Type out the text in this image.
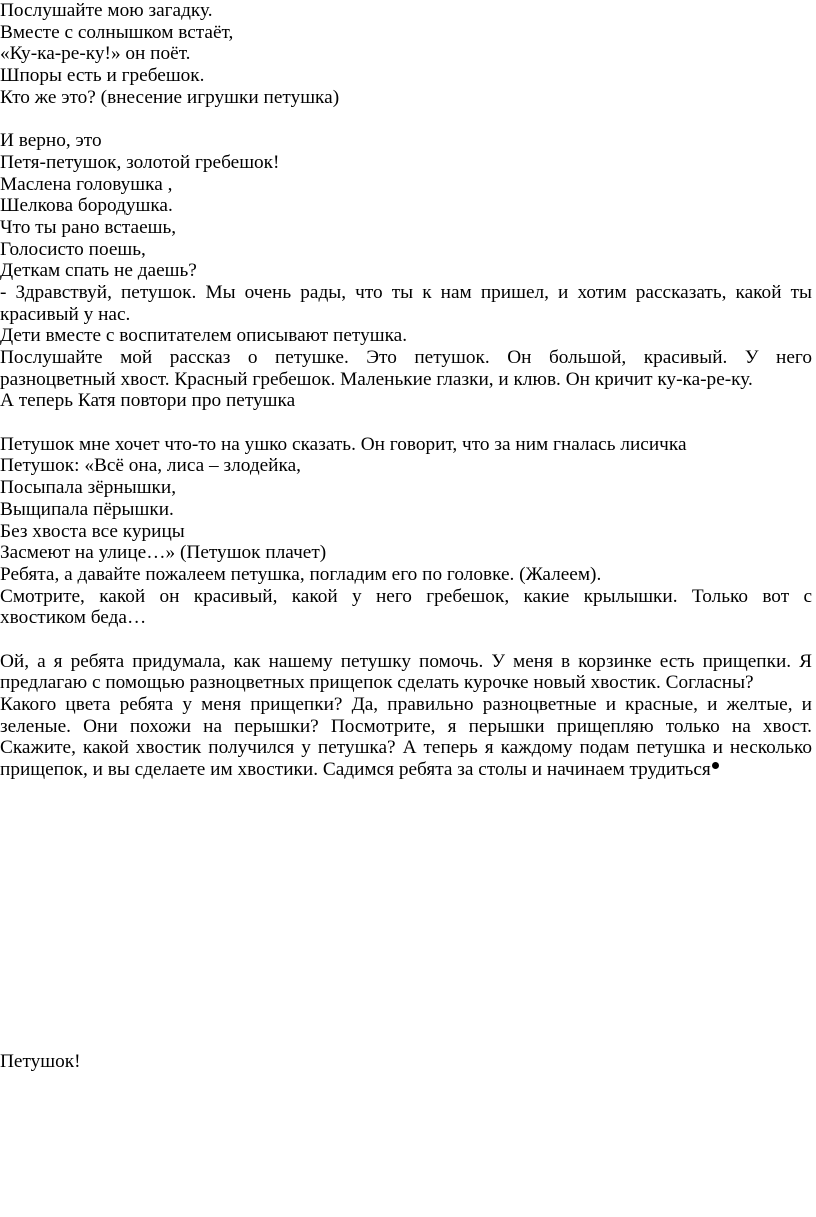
Послушайте мою загадку.
Вместе с солнышком встаёт,
«Ку-ка-ре-ку!» он поёт.
Шпоры есть и гребешок.
Кто же это? (внесение игрушки петушка)
И верно, это
Петя-петушок, золотой гребешок!
Маслена головушка ,
Шелкова бородушка.
Что ты рано встаешь,
Голосисто поешь,
Деткам спать не даешь?
- Здравствуй, петушок. Мы очень рады, что ты к нам пришел, и хотим рассказать, какой ты
красивый у нас.
Дети вместе с воспитателем описывают петушка.
Послушайте мой рассказ о петушке. Это петушок. Он большой, красивый. У него
разноцветный хвост. Красный гребешок. Маленькие глазки, и клюв. Он кричит ку-ка-ре-ку.
А теперь Катя повтори про петушка
Петушок мне хочет что-то на ушко сказать. Он говорит, что за ним гналась лисичка
Петушок: «Всё она, лиса – злодейка,
Посыпала зёрнышки,
Выщипала пёрышки.
Без хвоста все курицы
Засмеют на улице…» (Петушок плачет)
Ребята, а давайте пожалеем петушка, погладим его по головке. (Жалеем).
Смотрите, какой он красивый, какой у него гребешок, какие крылышки. Только вот с
хвостиком беда…
Ой, а я ребята придумала, как нашему петушку помочь. У меня в корзинке есть прищепки. Я
предлагаю с помощью разноцветных прищепок сделать курочке новый хвостик. Согласны?
Какого цвета ребята у меня прищепки? Да, правильно разноцветные и красные, и желтые, и
зеленые. Они похожи на перышки? Посмотрите, я перышки прищепляю только на хвост.
Скажите, какой хвостик получился у петушка? А теперь я каждому подам петушка и несколько
прищепок, и вы сделаете им хвостики. Садимся ребята за столы и начинаем трудиться
Петушок!
